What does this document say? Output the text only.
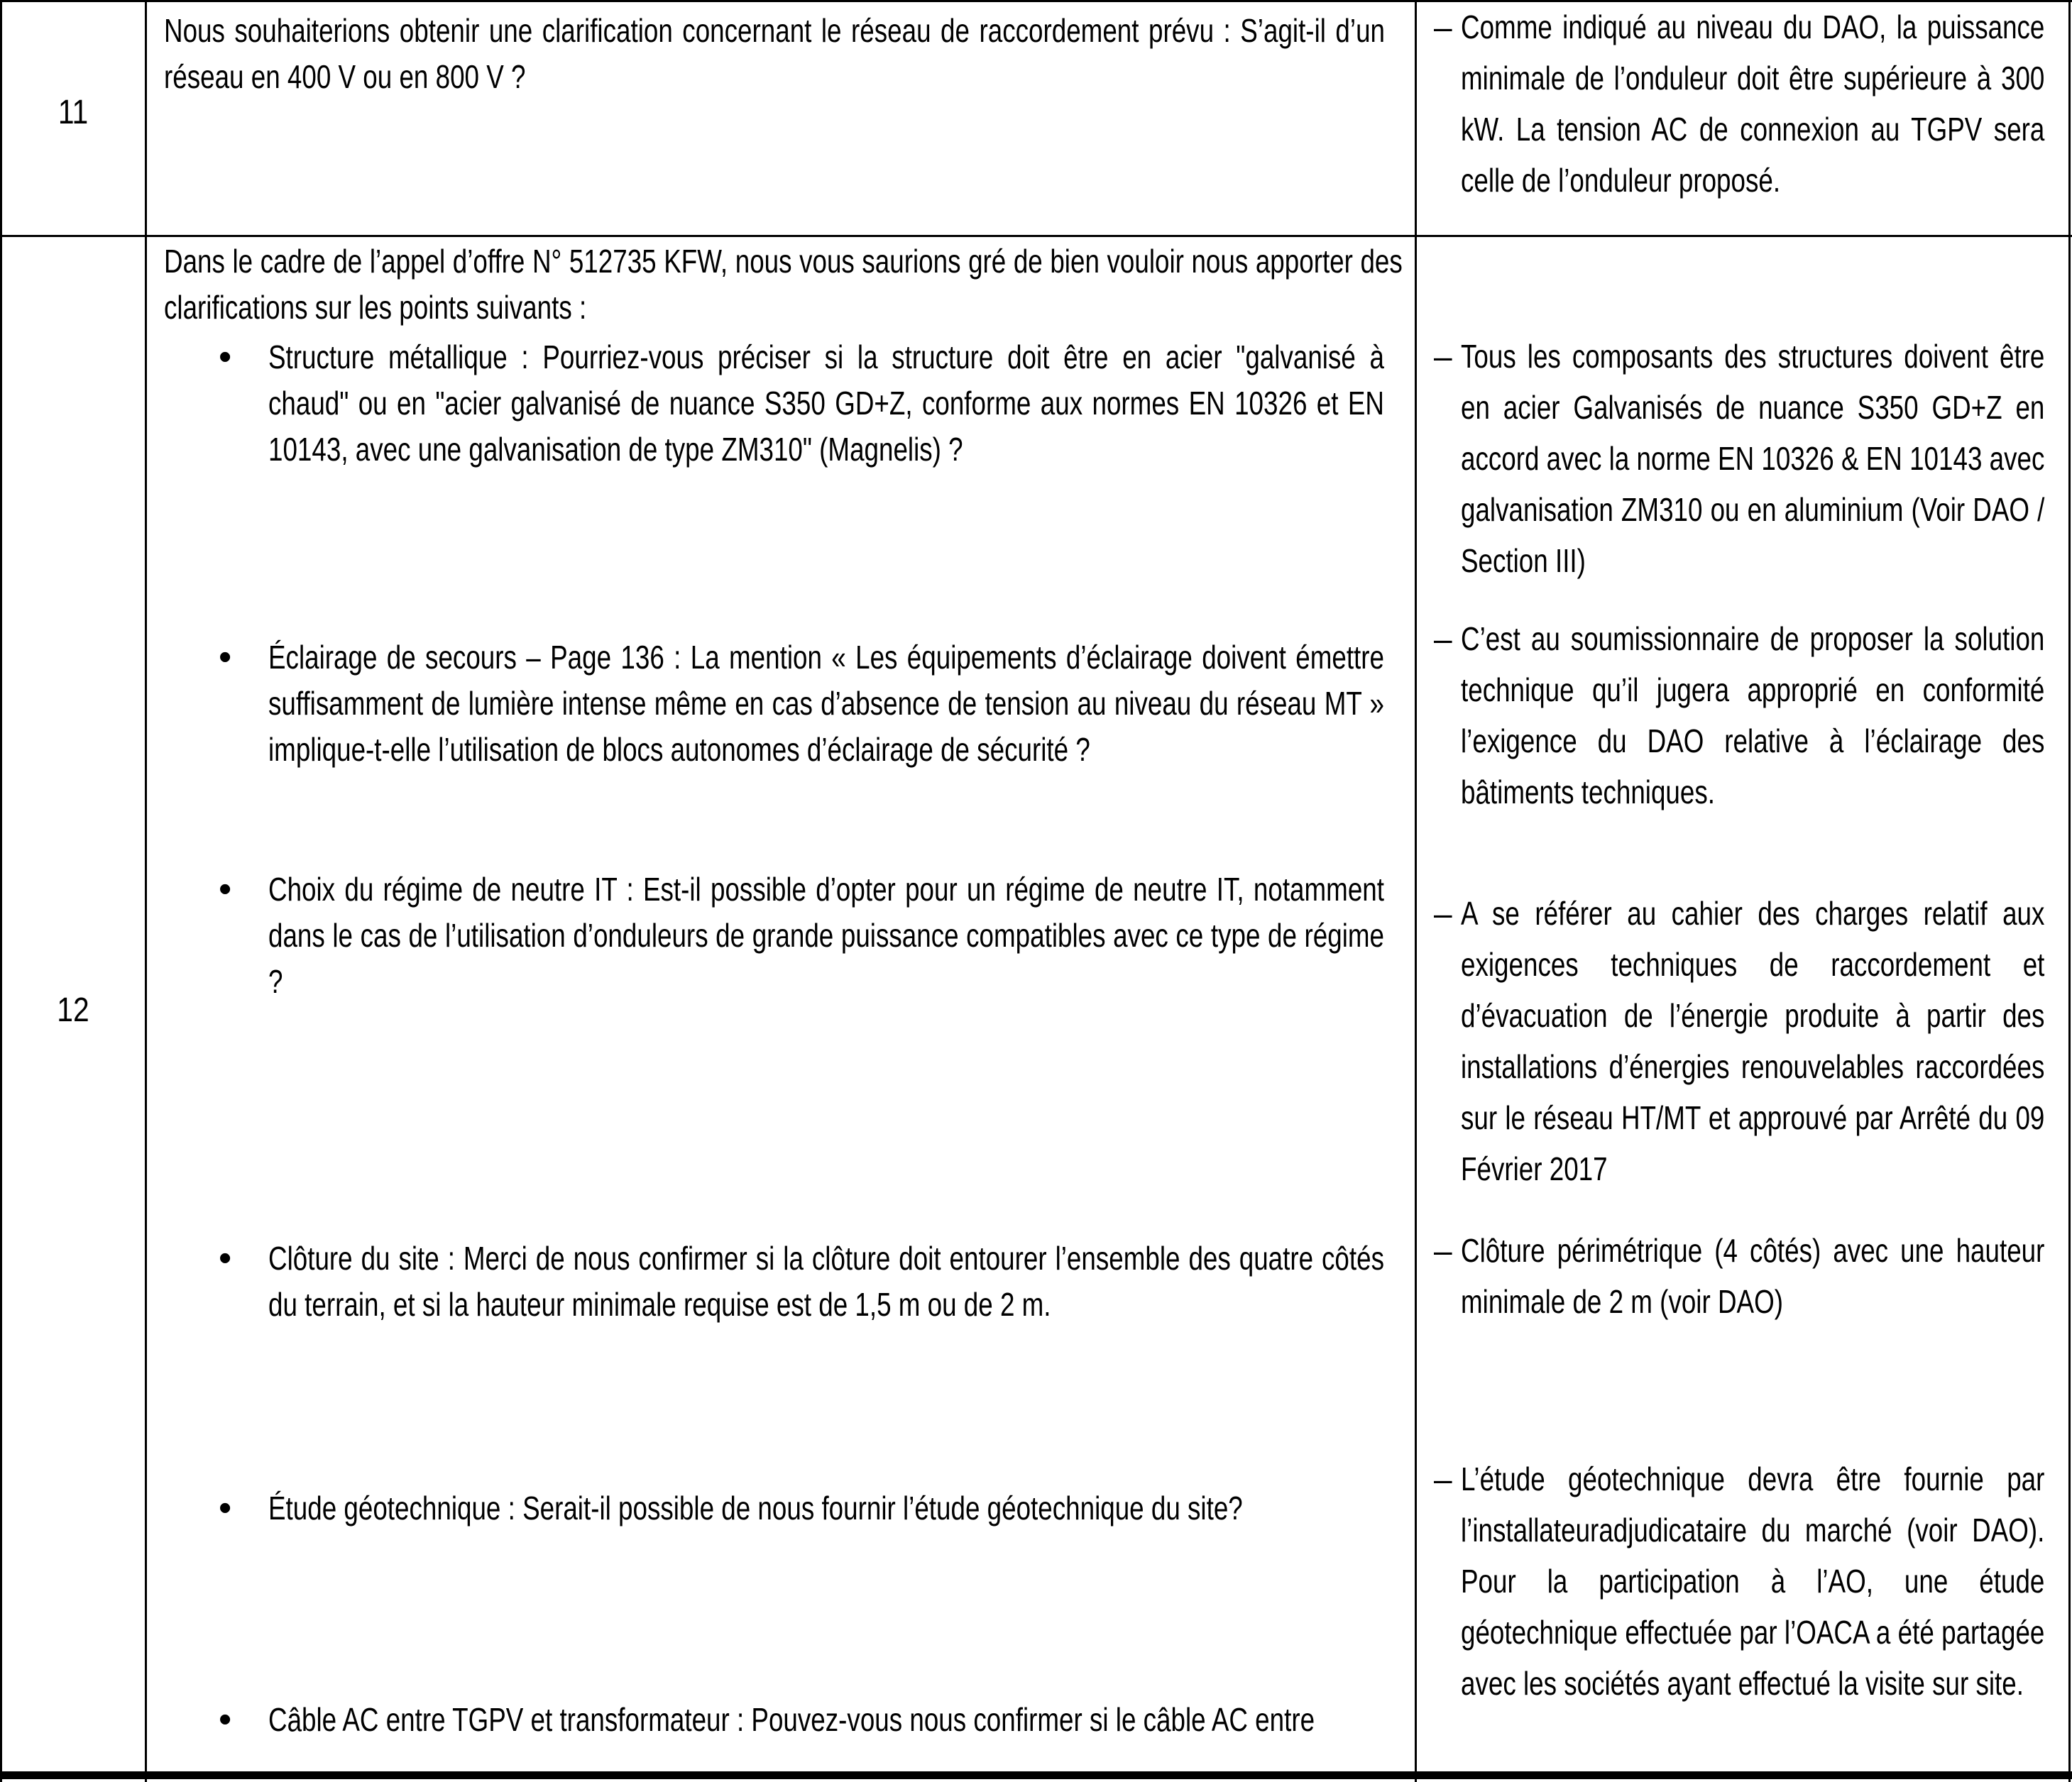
11
Nous souhaiterions obtenir une clarification concernant le réseau de raccordement prévu : S’agit-il d’un réseau en 400 V ou en 800 V ?
– Comme indiqué au niveau du DAO, la puissance minimale de l’onduleur doit être supérieure à 300 kW. La tension AC de connexion au TGPV sera celle de l’onduleur proposé.
12
Dans le cadre de l’appel d’offre N° 512735 KFW, nous vous saurions gré de bien vouloir nous apporter des clarifications sur les points suivants :
• Structure métallique : Pourriez-vous préciser si la structure doit être en acier "galvanisé à chaud" ou en "acier galvanisé de nuance S350 GD+Z, conforme aux normes EN 10326 et EN 10143, avec une galvanisation de type ZM310" (Magnelis) ?
• Éclairage de secours – Page 136 : La mention « Les équipements d’éclairage doivent émettre suffisamment de lumière intense même en cas d’absence de tension au niveau du réseau MT » implique-t-elle l’utilisation de blocs autonomes d’éclairage de sécurité ?
• Choix du régime de neutre IT : Est-il possible d’opter pour un régime de neutre IT, notamment dans le cas de l’utilisation d’onduleurs de grande puissance compatibles avec ce type de régime ?
• Clôture du site : Merci de nous confirmer si la clôture doit entourer l’ensemble des quatre côtés du terrain, et si la hauteur minimale requise est de 1,5 m ou de 2 m.
• Étude géotechnique : Serait-il possible de nous fournir l’étude géotechnique du site?
• Câble AC entre TGPV et transformateur : Pouvez-vous nous confirmer si le câble AC entre
– Tous les composants des structures doivent être en acier Galvanisés de nuance S350 GD+Z en accord avec la norme EN 10326 & EN 10143 avec galvanisation ZM310 ou en aluminium (Voir DAO / Section III)
– C’est au soumissionnaire de proposer la solution technique qu’il jugera approprié en conformité l’exigence du DAO relative à l’éclairage des bâtiments techniques.
– A se référer au cahier des charges relatif aux exigences techniques de raccordement et d’évacuation de l’énergie produite à partir des installations d’énergies renouvelables raccordées sur le réseau HT/MT et approuvé par Arrêté du 09 Février 2017
– Clôture périmétrique (4 côtés) avec une hauteur minimale de 2 m (voir DAO)
– L’étude géotechnique devra être fournie par l’installateuradjudicataire du marché (voir DAO). Pour la participation à l’AO, une étude géotechnique effectuée par l’OACA a été partagée avec les sociétés ayant effectué la visite sur site.
